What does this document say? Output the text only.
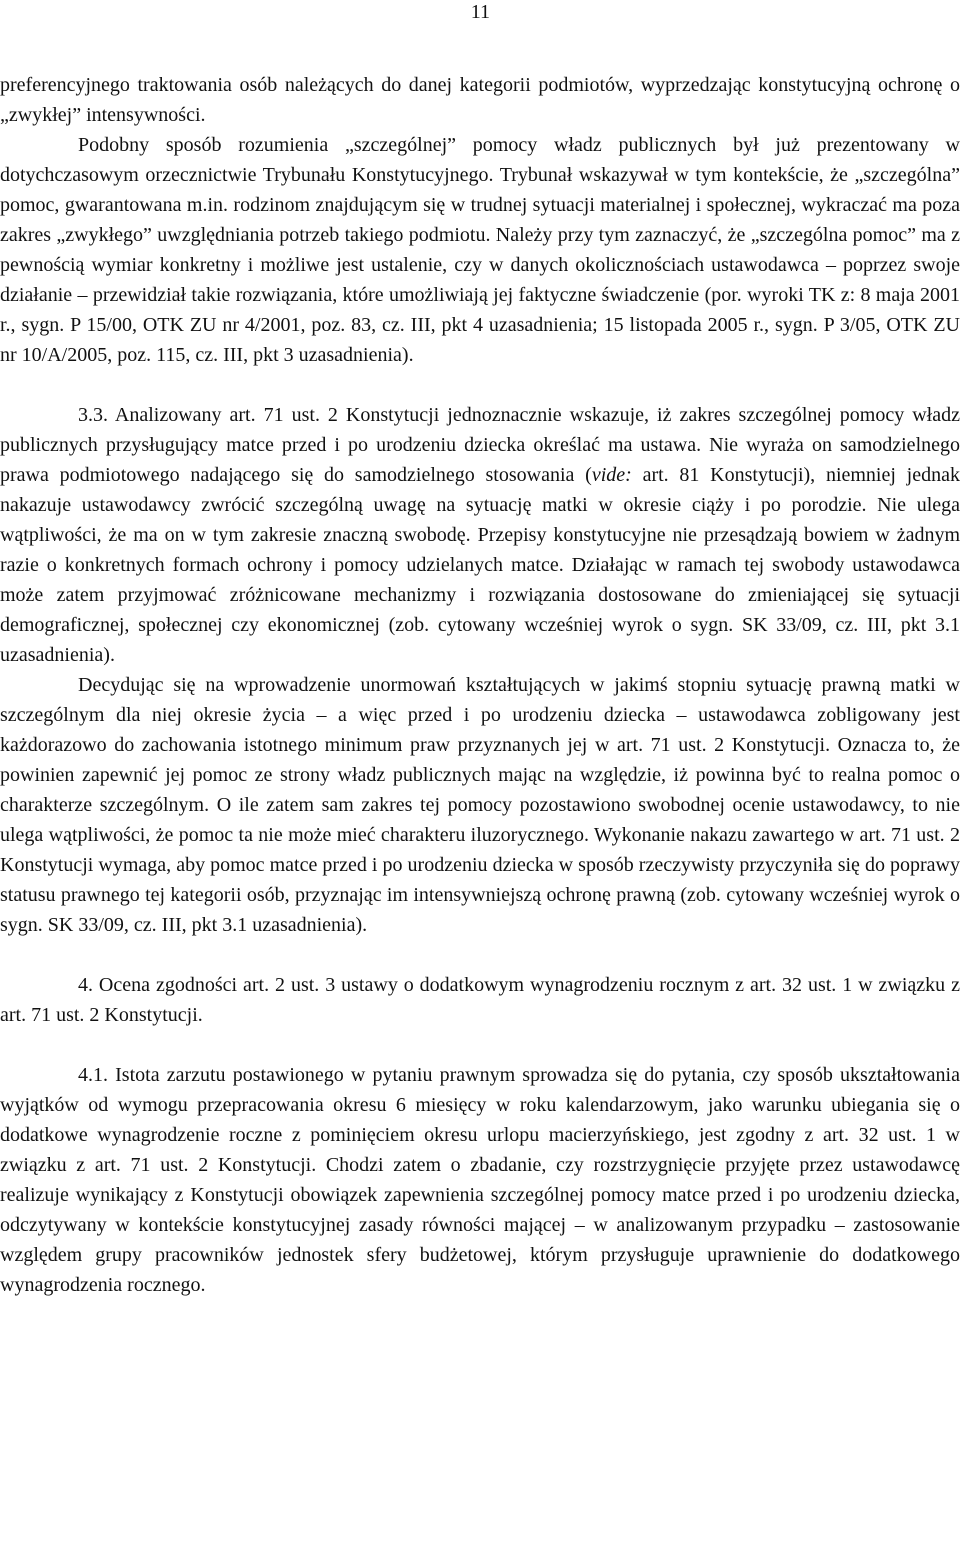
11

preferencyjnego traktowania osób należących do danej kategorii podmiotów, wyprzedzając konstytucyjną ochronę o „zwykłej” intensywności.

Podobny sposób rozumienia „szczególnej” pomocy władz publicznych był już prezentowany w dotychczasowym orzecznictwie Trybunału Konstytucyjnego. Trybunał wskazywał w tym kontekście, że „szczególna” pomoc, gwarantowana m.in. rodzinom znajdującym się w trudnej sytuacji materialnej i społecznej, wykraczać ma poza zakres „zwykłego” uwzględniania potrzeb takiego podmiotu. Należy przy tym zaznaczyć, że „szczególna pomoc” ma z pewnością wymiar konkretny i możliwe jest ustalenie, czy w danych okolicznościach ustawodawca – poprzez swoje działanie – przewidział takie rozwiązania, które umożliwiają jej faktyczne świadczenie (por. wyroki TK z: 8 maja 2001 r., sygn. P 15/00, OTK ZU nr 4/2001, poz. 83, cz. III, pkt 4 uzasadnienia; 15 listopada 2005 r., sygn. P 3/05, OTK ZU nr 10/A/2005, poz. 115, cz. III, pkt 3 uzasadnienia).

3.3. Analizowany art. 71 ust. 2 Konstytucji jednoznacznie wskazuje, iż zakres szczególnej pomocy władz publicznych przysługujący matce przed i po urodzeniu dziecka określać ma ustawa. Nie wyraża on samodzielnego prawa podmiotowego nadającego się do samodzielnego stosowania (vide: art. 81 Konstytucji), niemniej jednak nakazuje ustawodawcy zwrócić szczególną uwagę na sytuację matki w okresie ciąży i po porodzie. Nie ulega wątpliwości, że ma on w tym zakresie znaczną swobodę. Przepisy konstytucyjne nie przesądzają bowiem w żadnym razie o konkretnych formach ochrony i pomocy udzielanych matce. Działając w ramach tej swobody ustawodawca może zatem przyjmować zróżnicowane mechanizmy i rozwiązania dostosowane do zmieniającej się sytuacji demograficznej, społecznej czy ekonomicznej (zob. cytowany wcześniej wyrok o sygn. SK 33/09, cz. III, pkt 3.1 uzasadnienia).

Decydując się na wprowadzenie unormowań kształtujących w jakimś stopniu sytuację prawną matki w szczególnym dla niej okresie życia – a więc przed i po urodzeniu dziecka – ustawodawca zobligowany jest każdorazowo do zachowania istotnego minimum praw przyznanych jej w art. 71 ust. 2 Konstytucji. Oznacza to, że powinien zapewnić jej pomoc ze strony władz publicznych mając na względzie, iż powinna być to realna pomoc o charakterze szczególnym. O ile zatem sam zakres tej pomocy pozostawiono swobodnej ocenie ustawodawcy, to nie ulega wątpliwości, że pomoc ta nie może mieć charakteru iluzorycznego. Wykonanie nakazu zawartego w art. 71 ust. 2 Konstytucji wymaga, aby pomoc matce przed i po urodzeniu dziecka w sposób rzeczywisty przyczyniła się do poprawy statusu prawnego tej kategorii osób, przyznając im intensywniejszą ochronę prawną (zob. cytowany wcześniej wyrok o sygn. SK 33/09, cz. III, pkt 3.1 uzasadnienia).

4. Ocena zgodności art. 2 ust. 3 ustawy o dodatkowym wynagrodzeniu rocznym z art. 32 ust. 1 w związku z art. 71 ust. 2 Konstytucji.

4.1. Istota zarzutu postawionego w pytaniu prawnym sprowadza się do pytania, czy sposób ukształtowania wyjątków od wymogu przepracowania okresu 6 miesięcy w roku kalendarzowym, jako warunku ubiegania się o dodatkowe wynagrodzenie roczne z pominięciem okresu urlopu macierzyńskiego, jest zgodny z art. 32 ust. 1 w związku z art. 71 ust. 2 Konstytucji. Chodzi zatem o zbadanie, czy rozstrzygnięcie przyjęte przez ustawodawcę realizuje wynikający z Konstytucji obowiązek zapewnienia szczególnej pomocy matce przed i po urodzeniu dziecka, odczytywany w kontekście konstytucyjnej zasady równości mającej – w analizowanym przypadku – zastosowanie względem grupy pracowników jednostek sfery budżetowej, którym przysługuje uprawnienie do dodatkowego wynagrodzenia rocznego.
